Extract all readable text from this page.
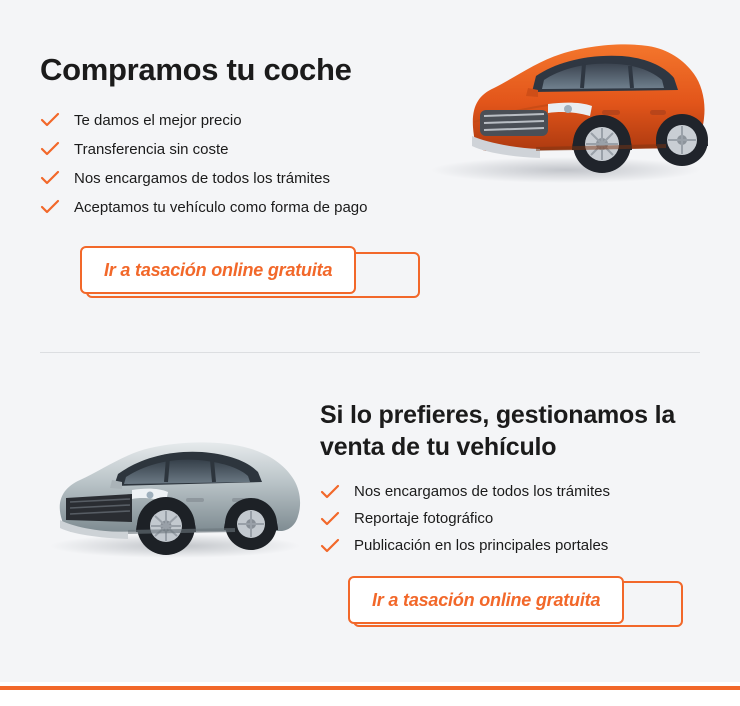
Compramos tu coche
Te damos el mejor precio
Transferencia sin coste
Nos encargamos de todos los trámites
Aceptamos tu vehículo como forma de pago
Ir a tasación online gratuita
Si lo prefieres, gestionamos la venta de tu vehículo
Nos encargamos de todos los trámites
Reportaje fotográfico
Publicación en los principales portales
Ir a tasación online gratuita
